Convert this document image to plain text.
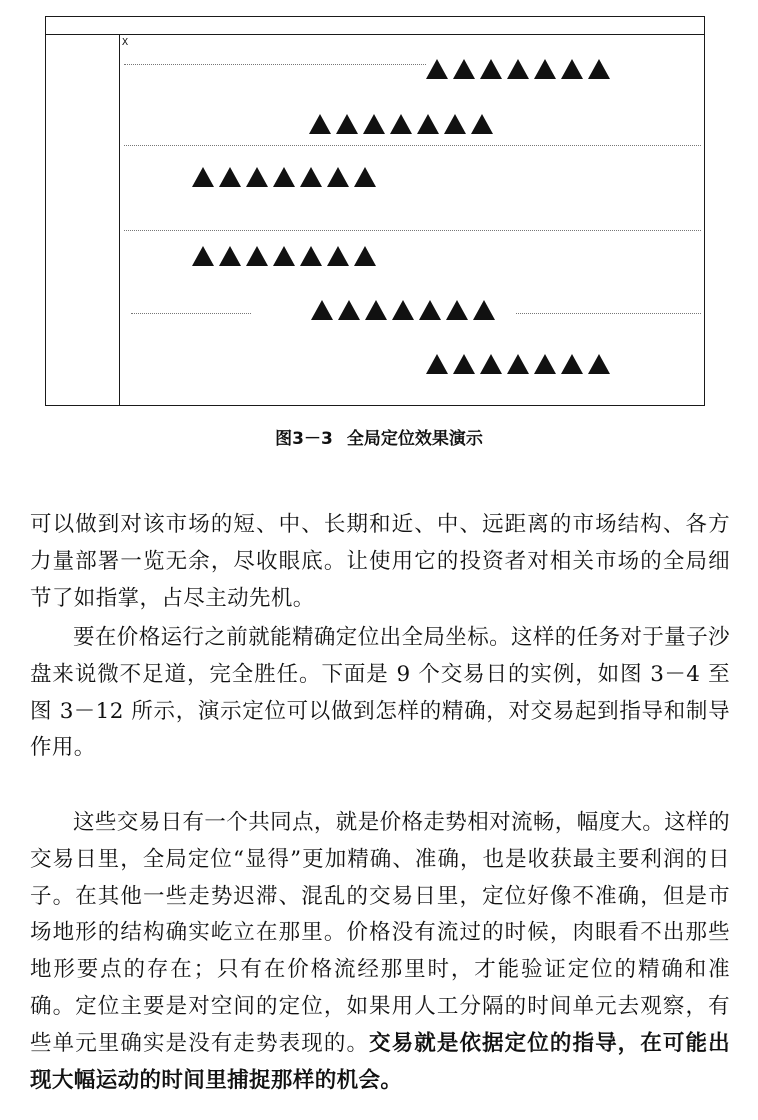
X
图3－3 全局定位效果演示

可以做到对该市场的短、中、长期和近、中、远距离的市场结构、各方力量部署一览无余，尽收眼底。让使用它的投资者对相关市场的全局细节了如指掌，占尽主动先机。

要在价格运行之前就能精确定位出全局坐标。这样的任务对于量子沙盘来说微不足道，完全胜任。下面是 9 个交易日的实例，如图 3－4 至图 3－12 所示，演示定位可以做到怎样的精确，对交易起到指导和制导作用。

这些交易日有一个共同点，就是价格走势相对流畅，幅度大。这样的交易日里，全局定位“显得”更加精确、准确，也是收获最主要利润的日子。在其他一些走势迟滞、混乱的交易日里，定位好像不准确，但是市场地形的结构确实屹立在那里。价格没有流过的时候，肉眼看不出那些地形要点的存在；只有在价格流经那里时，才能验证定位的精确和准确。定位主要是对空间的定位，如果用人工分隔的时间单元去观察，有些单元里确实是没有走势表现的。交易就是依据定位的指导，在可能出现大幅运动的时间里捕捉那样的机会。
